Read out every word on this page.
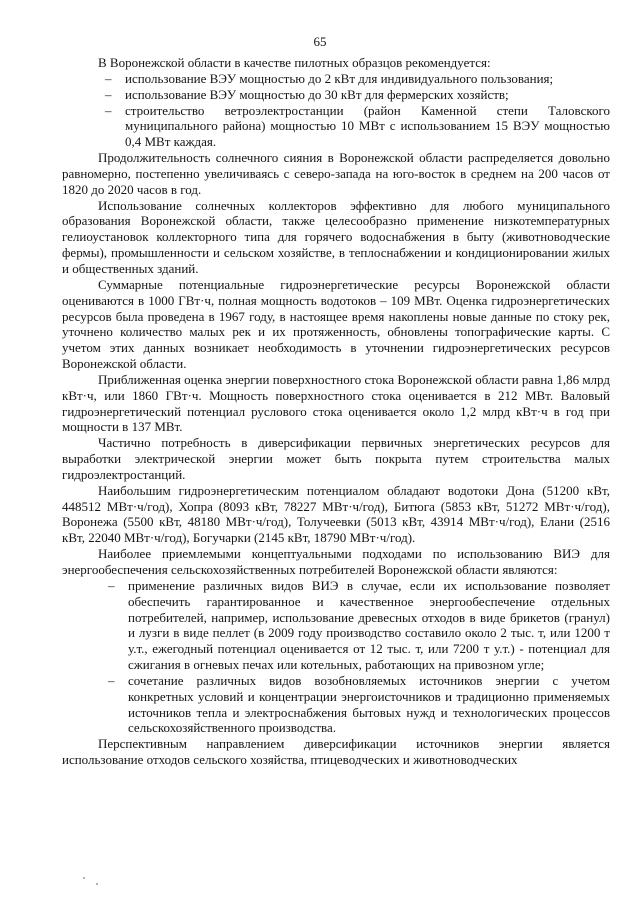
65

В Воронежской области в качестве пилотных образцов рекомендуется:

–	использование ВЭУ мощностью до 2 кВт для индивидуального пользования;
–	использование ВЭУ мощностью до 30 кВт для фермерских хозяйств;
–	строительство ветроэлектростанции (район Каменной степи Таловского муниципального района) мощностью 10 МВт с использованием 15 ВЭУ мощностью 0,4 МВт каждая.

Продолжительность солнечного сияния в Воронежской области распределяется довольно равномерно, постепенно увеличиваясь с северо-запада на юго-восток в среднем на 200 часов от 1820 до 2020 часов в год.

Использование солнечных коллекторов эффективно для любого муниципального образования Воронежской области, также целесообразно применение низкотемпературных гелиоустановок коллекторного типа для горячего водоснабжения в быту (животноводческие фермы), промышленности и сельском хозяйстве, в теплоснабжении и кондиционировании жилых и общественных зданий.

Суммарные потенциальные гидроэнергетические ресурсы Воронежской области оцениваются в 1000 ГВт·ч, полная мощность водотоков – 109 МВт. Оценка гидроэнергетических ресурсов была проведена в 1967 году, в настоящее время накоплены новые данные по стоку рек, уточнено количество малых рек и их протяженность, обновлены топографические карты. С учетом этих данных возникает необходимость в уточнении гидроэнергетических ресурсов Воронежской области.

Приближенная оценка энергии поверхностного стока Воронежской области равна 1,86 млрд кВт·ч, или 1860 ГВт·ч. Мощность поверхностного стока оценивается в 212 МВт. Валовый гидроэнергетический потенциал руслового стока оценивается около 1,2 млрд кВт·ч в год при мощности в 137 МВт.

Частично потребность в диверсификации первичных энергетических ресурсов для выработки электрической энергии может быть покрыта путем строительства малых гидроэлектростанций.

Наибольшим гидроэнергетическим потенциалом обладают водотоки Дона (51200 кВт, 448512 МВт·ч/год), Хопра (8093 кВт, 78227 МВт·ч/год), Битюга (5853 кВт, 51272 МВт·ч/год), Воронежа (5500 кВт, 48180 МВт·ч/год), Толучеевки (5013 кВт, 43914 МВт·ч/год), Елани (2516 кВт, 22040 МВт·ч/год), Богучарки (2145 кВт, 18790 МВт·ч/год).

Наиболее приемлемыми концептуальными подходами по использованию ВИЭ для энергообеспечения сельскохозяйственных потребителей Воронежской области являются:

–	применение различных видов ВИЭ в случае, если их использование позволяет обеспечить гарантированное и качественное энергообеспечение отдельных потребителей, например, использование древесных отходов в виде брикетов (гранул) и лузги в виде пеллет (в 2009 году производство составило около 2 тыс. т, или 1200 т у.т., ежегодный потенциал оценивается от 12 тыс. т, или 7200 т у.т.) - потенциал для сжигания в огневых печах или котельных, работающих на привозном угле;
–	сочетание различных видов возобновляемых источников энергии с учетом конкретных условий и концентрации энергоисточников и традиционно применяемых источников тепла и электроснабжения бытовых нужд и технологических процессов сельскохозяйственного производства.

Перспективным направлением диверсификации источников энергии является использование отходов сельского хозяйства, птицеводческих и животноводческих
